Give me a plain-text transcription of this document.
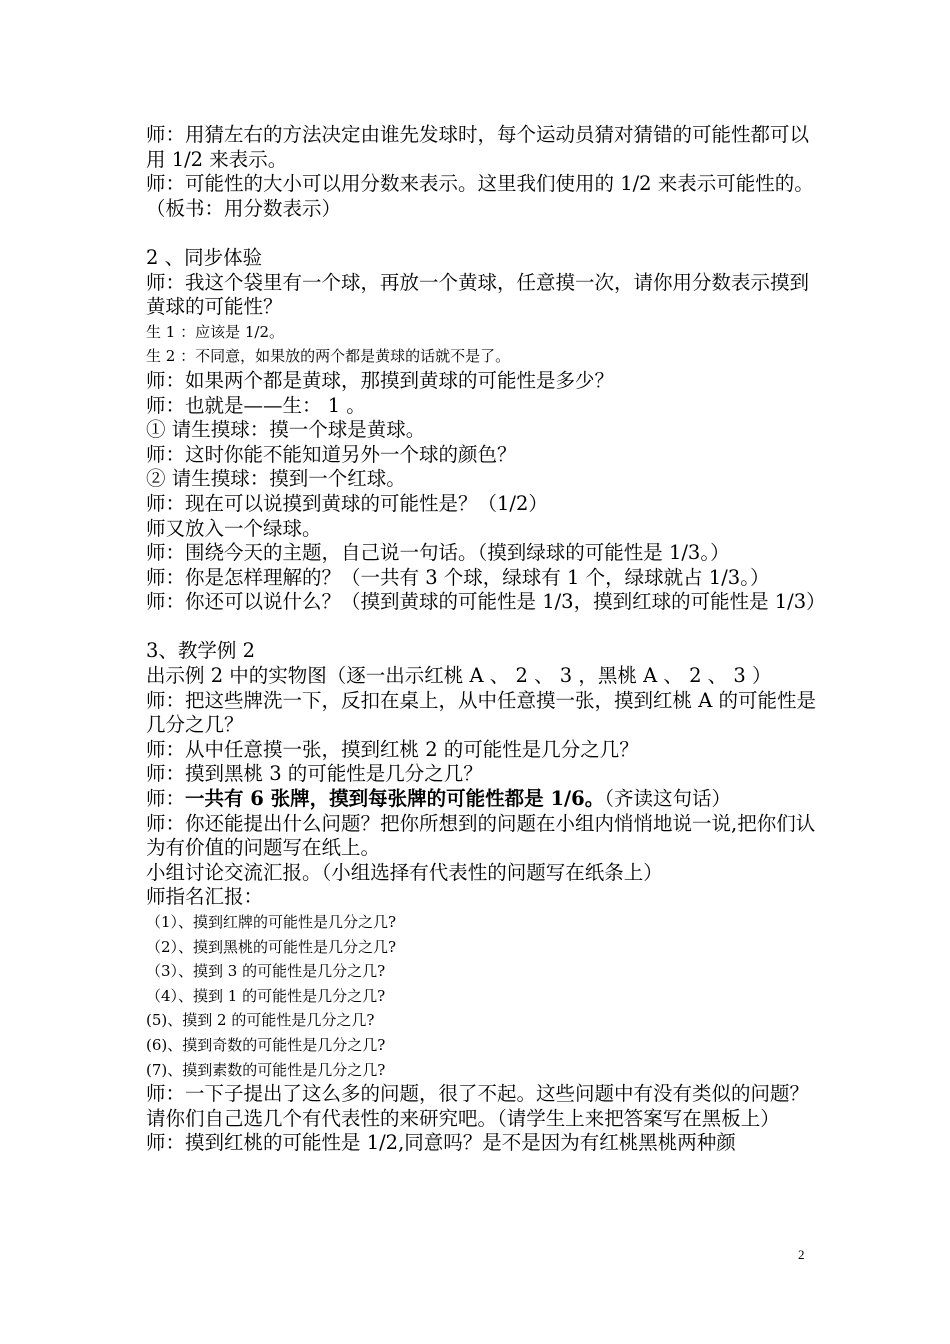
师：用猜左右的方法决定由谁先发球时，每个运动员猜对猜错的可能性都可以用 1/2 来表示。

师：可能性的大小可以用分数来表示。这里我们使用的 1/2 来表示可能性的。（板书：用分数表示）

2 、同步体验

师：我这个袋里有一个球，再放一个黄球，任意摸一次，请你用分数表示摸到黄球的可能性？

生 1 ：应该是 1/2。

生 2 ：不同意，如果放的两个都是黄球的话就不是了。

师：如果两个都是黄球，那摸到黄球的可能性是多少？

师：也就是——生： 1 。

① 请生摸球：摸一个球是黄球。

师：这时你能不能知道另外一个球的颜色？

② 请生摸球：摸到一个红球。

师：现在可以说摸到黄球的可能性是？（1/2）

师又放入一个绿球。

师：围绕今天的主题，自己说一句话。（摸到绿球的可能性是 1/3。）

师：你是怎样理解的？（一共有 3 个球，绿球有 1 个，绿球就占 1/3。）

师：你还可以说什么？（摸到黄球的可能性是 1/3，摸到红球的可能性是 1/3）

3、教学例 2

出示例 2 中的实物图（逐一出示红桃 A 、 2 、 3 ，黑桃 A 、 2 、 3 ）

师：把这些牌洗一下，反扣在桌上，从中任意摸一张，摸到红桃 A 的可能性是几分之几？

师：从中任意摸一张，摸到红桃 2 的可能性是几分之几？

师：摸到黑桃 3 的可能性是几分之几？

师：一共有 6 张牌，摸到每张牌的可能性都是 1/6。（齐读这句话）

师：你还能提出什么问题？把你所想到的问题在小组内悄悄地说一说,把你们认为有价值的问题写在纸上。

小组讨论交流汇报。（小组选择有代表性的问题写在纸条上）

师指名汇报：

（1）、摸到红牌的可能性是几分之几?

（2）、摸到黑桃的可能性是几分之几?

（3）、摸到 3 的可能性是几分之几?

（4）、摸到 1 的可能性是几分之几?

(5)、摸到 2 的可能性是几分之几?

(6)、摸到奇数的可能性是几分之几?

(7)、摸到素数的可能性是几分之几?

师：一下子提出了这么多的问题，很了不起。这些问题中有没有类似的问题？请你们自己选几个有代表性的来研究吧。（请学生上来把答案写在黑板上）

师：摸到红桃的可能性是 1/2,同意吗？是不是因为有红桃黑桃两种颜

2
